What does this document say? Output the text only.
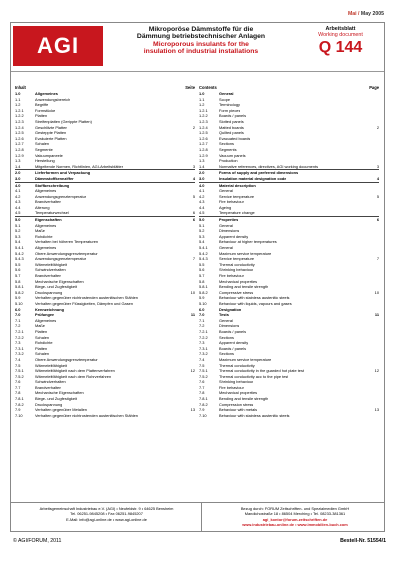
Mai / May 2005
AGI
Mikroporöse Dämmstoffe für die
Dämmung betriebstechnischer Anlagen
Microporous insulants for the
insulation of industrial installations
Arbeitsblatt
Working document
Q 144
Inhalt	Seite
1.0	Allgemeines
1.1	Anwendungsbereich
1.2	Begriffe
1.2.1	Formstücke
1.2.2	Platten
1.2.3	Streifenplatten (Geripptе Platten)
1.2.4	Geschlitzte Platten	2
1.2.5	Gesteppte Platten
1.2.6	Evakuierte Platten
1.2.7	Schalen
1.2.8	Segmente
1.2.9	Vakuumpaneele
1.3	Herstellung
1.4	Mitgeltende Normen, Richtlinien, AGI-Arbeitsblätter	3
2.0	Lieferformen und Verpackung
3.0	Dämmstoffkennziffer	4
4.0	Stoffbeschreibung
4.1	Allgemeines
4.2	Anwendungsgrenztemperatur	5
4.3	Brandverhalten
4.4	Alterung
4.5	Temperaturwechsel	6
5.0	Eigenschaften	6
5.1	Allgemeines
5.2	Maße
5.3	Rohdichte
5.4	Verhalten bei höheren Temperaturen
5.4.1	Allgemeines
5.4.2	Obere Anwendungsgrenztemperatur
5.4.3	Anwendungsgrenztemperatur	7
5.5	Wärmeleitfähigkeit
5.6	Schwindverhalten
5.7	Brandverhalten
5.8	Mechanische Eigenschaften
5.8.1	Biege- und Zugfestigkeit
5.8.2	Druckspannung	10
5.9	Verhalten gegenüber nichtrostenden austenitischen Stählen
5.10	Verhalten gegenüber Flüssigkeiten, Dämpfen und Gasen
6.0	Kennzeichnung
7.0	Prüfungen	11
7.1	Allgemeines
7.2	Maße
7.2.1	Platten
7.2.2	Schalen
7.3	Rohdichte
7.3.1	Platten
7.3.2	Schalen
7.4	Obere Anwendungsgrenztemperatur
7.5	Wärmeleitfähigkeit
7.5.1	Wärmeleitfähigkeit nach dem Plattenverfahren	12
7.5.2	Wärmeleitfähigkeit nach dem Rohrverfahren
7.6	Schwindverhalten
7.7	Brandverhalten
7.8	Mechanische Eigenschaften
7.8.1	Biege- und Zugfestigkeit
7.8.2	Druckspannung
7.9	Verhalten gegenüber Metallen	13
7.10	Verhalten gegenüber nichtrostenden austenitischen Stählen
Contents	Page
1.0	General
1.1	Scope
1.2	Terminology
1.2.1	Form pieces
1.2.2	Boards / panels
1.2.3	Slotted panels
1.2.4	Matted boards	2
1.2.5	Quilted panels
1.2.6	Evacuated boards
1.2.7	Sections
1.2.8	Segments
1.2.9	Vacuum panels
1.3	Production
1.4	Normative references, directives, AGI working documents	3
2.0	Forms of supply and preferred dimensions
3.0	Insulation material designation code	4
4.0	Material description
4.1	General
4.2	Service temperature	5
4.3	Fire behaviour
4.4	Ageing
4.5	Temperature change
5.0	Properties	6
5.1	General
5.2	Dimensions
5.3	Apparent density
5.4	Behaviour at higher temperatures
5.4.1	General
5.4.2	Maximum service temperature
5.4.3	Service temperature	7
5.5	Thermal conductivity
5.6	Shrinking behaviour
5.7	Fire behaviour
5.8	Mechanical properties
5.8.1	Bending and tensile strength
5.8.2	Compressive stress	10
5.9	Behaviour with stainless austenitic steels
5.10	Behaviour with liquids, vapours and gases
6.0	Designation
7.0	Tests	11
7.1	General
7.2	Dimensions
7.2.1	Boards / panels
7.2.2	Sections
7.3	Apparent density
7.3.1	Boards / panels
7.3.2	Sections
7.4	Maximum service temperature
7.5	Thermal conductivity
7.5.1	Thermal conductivity in the guarded hot plate test	12
7.5.2	Thermal conductivity acc to the pipe test
7.6	Shrinking behaviour
7.7	Fire behaviour
7.8	Mechanical properties
7.8.1	Bending and tensile strength
7.8.2	Compression stress
7.9	Behaviour with metals	13
7.10	Behaviour with stainless austenitic steels
Arbeitsgemeinschaft Industriebau e.V. (AGI) • Neufeldstr. 9 • 64625 Bensheim
Tel. 06251-9845208 • Fax 06251-9845207
E-Mail: info@agi-online.de • www.agi-online.de
Bezug durch: FORUM Zeitschriften- und Spezialmedien GmbH
Mandichostraße 18 • 86504 Merching • Tel. 08233-381361
agi_kontor@forum-zeitschriften.de
www.industriebau-online.de • www.immobilien-buch.com
© AGI/FORUM, 2011	Bestell-Nr. 51554/1
